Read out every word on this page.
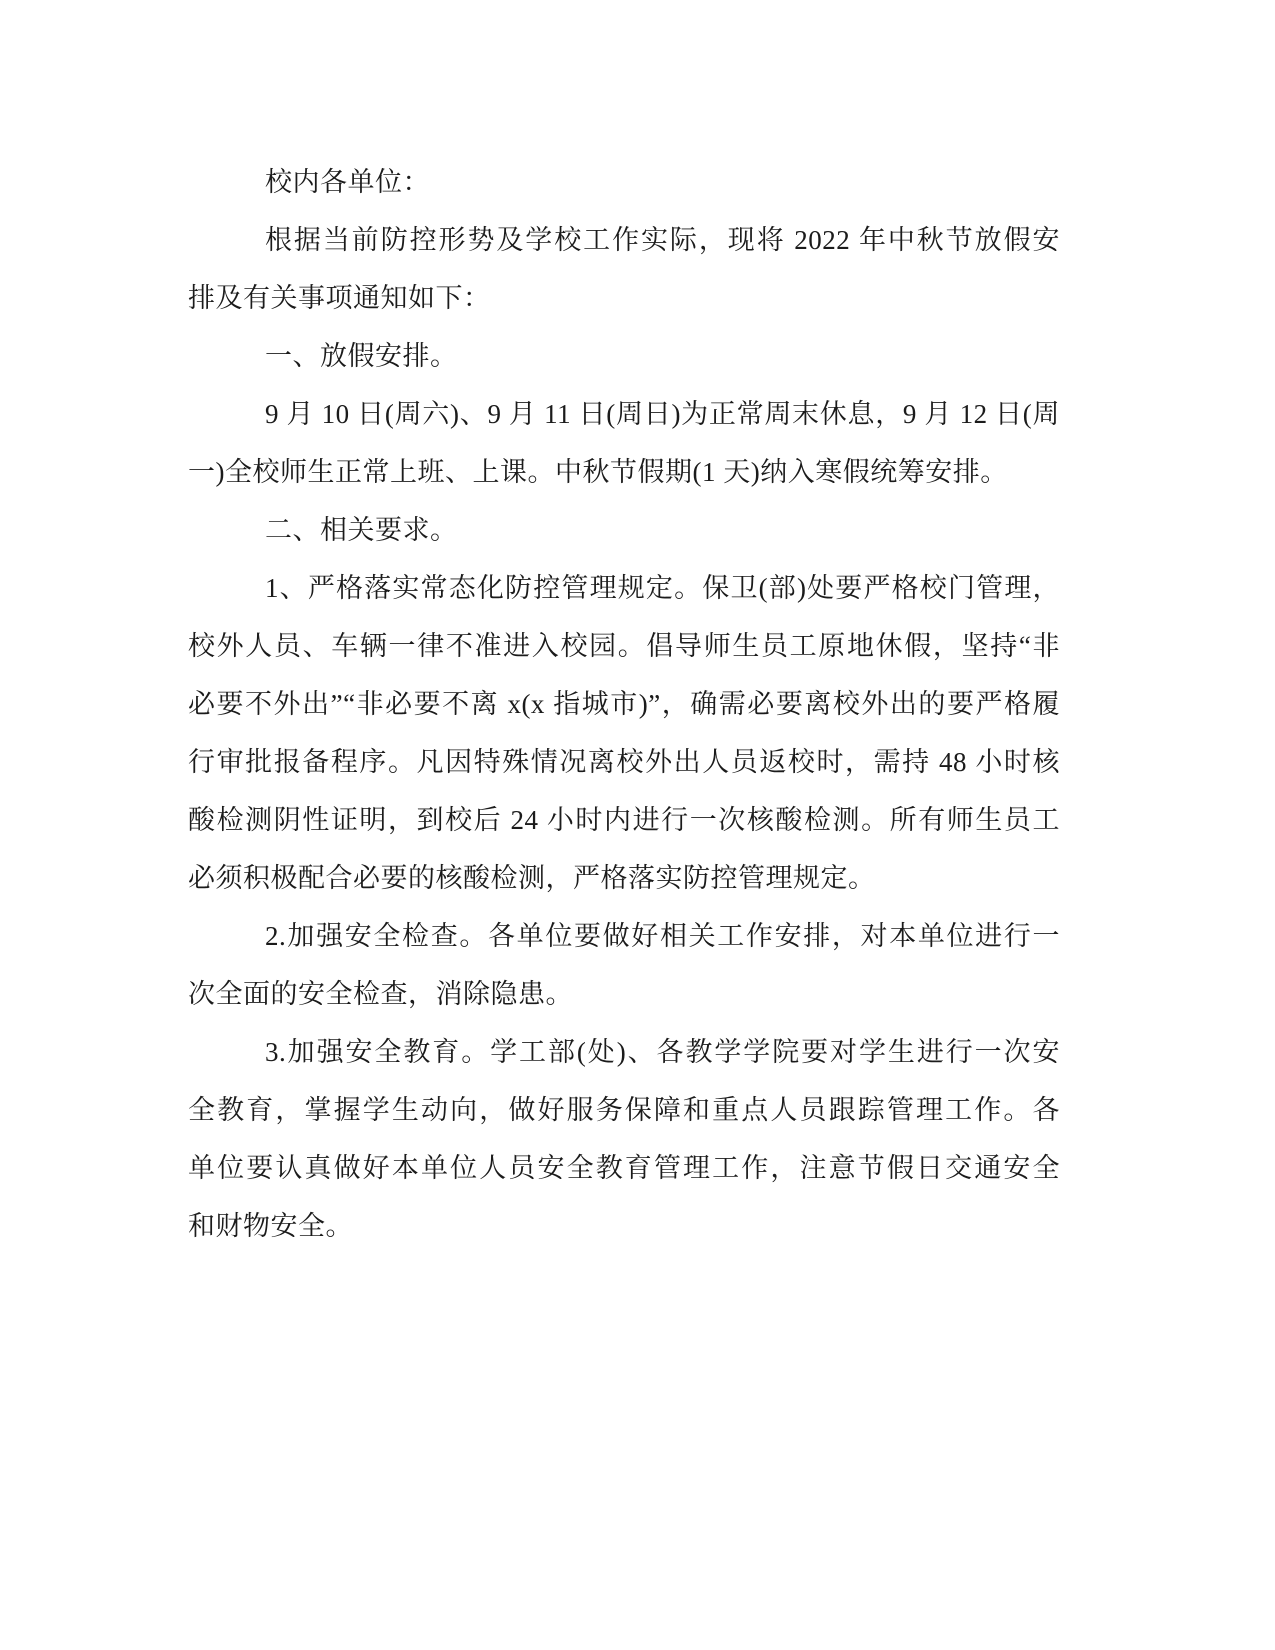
校内各单位：
根据当前防控形势及学校工作实际，现将 2022 年中秋节放假安
排及有关事项通知如下：
一、放假安排。
9 月 10 日(周六)、9 月 11 日(周日)为正常周末休息，9 月 12 日(周
一)全校师生正常上班、上课。中秋节假期(1 天)纳入寒假统筹安排。
二、相关要求。
1、严格落实常态化防控管理规定。保卫(部)处要严格校门管理，
校外人员、车辆一律不准进入校园。倡导师生员工原地休假，坚持“非
必要不外出”“非必要不离 x(x 指城市)”，确需必要离校外出的要严格履
行审批报备程序。凡因特殊情况离校外出人员返校时，需持 48 小时核
酸检测阴性证明，到校后 24 小时内进行一次核酸检测。所有师生员工
必须积极配合必要的核酸检测，严格落实防控管理规定。
2.加强安全检查。各单位要做好相关工作安排，对本单位进行一
次全面的安全检查，消除隐患。
3.加强安全教育。学工部(处)、各教学学院要对学生进行一次安
全教育，掌握学生动向，做好服务保障和重点人员跟踪管理工作。各
单位要认真做好本单位人员安全教育管理工作，注意节假日交通安全
和财物安全。
